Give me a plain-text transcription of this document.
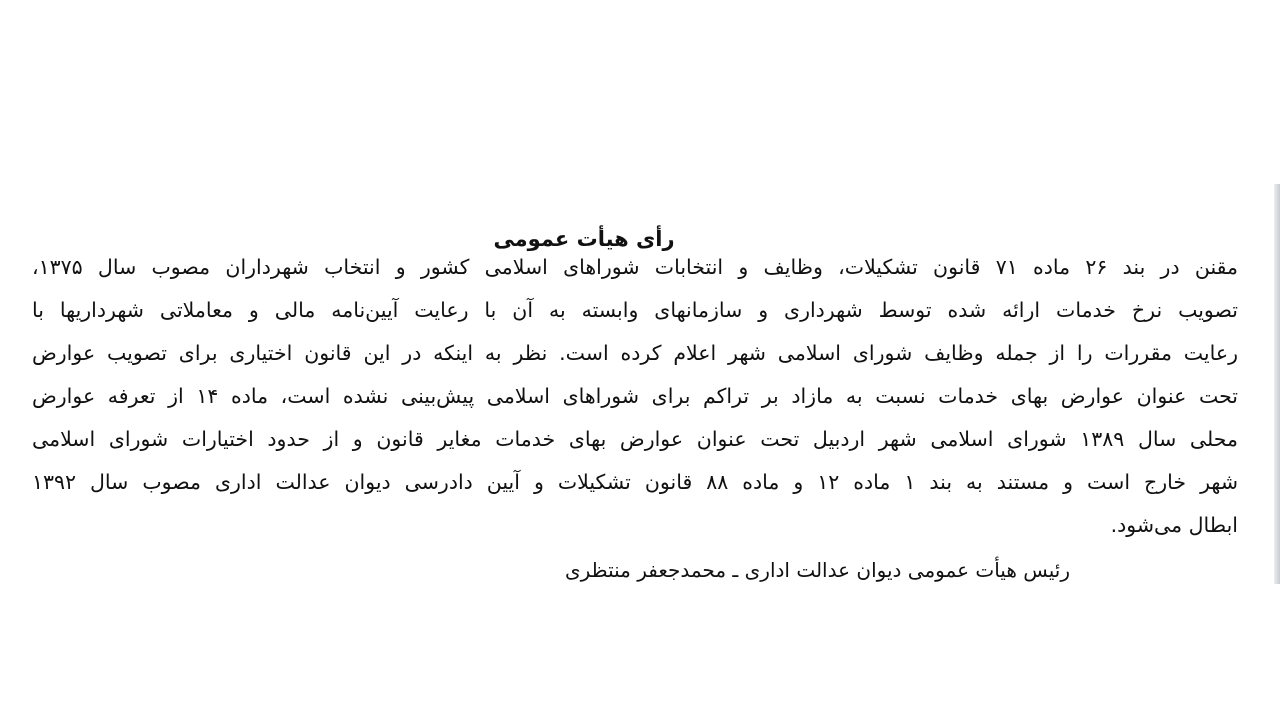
رأی هیأت عمومی
مقنن در بند ۲۶ ماده ۷۱ قانون تشکیلات، وظایف و انتخابات شوراهای اسلامی کشور و انتخاب شهرداران مصوب سال ۱۳۷۵،
تصویب نرخ خدمات ارائه شده توسط شهرداری و سازمانهای وابسته به آن با رعایت آیین‌نامه مالی و معاملاتی شهرداریها با
رعایت مقررات را از جمله وظایف شورای اسلامی شهر اعلام کرده است. نظر به اینکه در این قانون اختیاری برای تصویب عوارض
تحت عنوان عوارض بهای خدمات نسبت به مازاد بر تراکم برای شوراهای اسلامی پیش‌بینی نشده است، ماده ۱۴ از تعرفه عوارض
محلی سال ۱۳۸۹ شورای اسلامی شهر اردبیل تحت عنوان عوارض بهای خدمات مغایر قانون و از حدود اختیارات شورای اسلامی
شهر خارج است و مستند به بند ۱ ماده ۱۲ و ماده ۸۸ قانون تشکیلات و آیین دادرسی دیوان عدالت اداری مصوب سال ۱۳۹۲
ابطال می‌شود.
رئیس هیأت عمومی دیوان عدالت اداری ـ محمدجعفر منتظری
